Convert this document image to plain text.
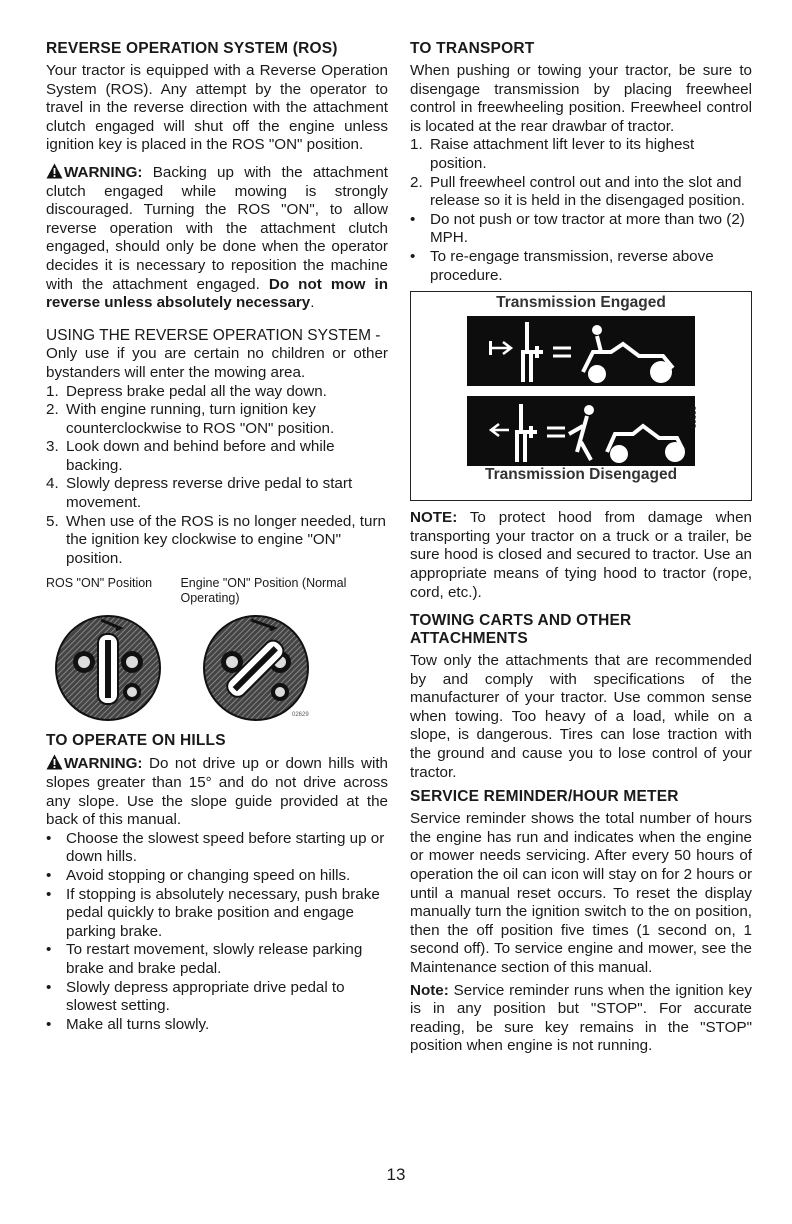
REVERSE OPERATION SYSTEM (ROS)

Your tractor is equipped with a Reverse Operation System (ROS). Any attempt by the operator to travel in the reverse direction with the attachment clutch engaged will shut off the engine unless ignition key is placed in the ROS "ON" position.

WARNING: Backing up with the attachment clutch engaged while mowing is strongly discouraged. Turning the ROS "ON", to allow reverse operation with the attachment clutch engaged, should only be done when the operator decides it is necessary to reposition the machine with the attachment engaged. Do not mow in reverse unless absolutely necessary.

USING THE REVERSE OPERATION SYSTEM -

Only use if you are certain no children or other bystanders will enter the mowing area.

1. Depress brake pedal all the way down.
2. With engine running, turn ignition key counterclockwise to ROS "ON" position.
3. Look down and behind before and while backing.
4. Slowly depress reverse drive pedal to start movement.
5. When use of the ROS is no longer needed, turn the ignition key clockwise to engine "ON" position.
ROS "ON" Position	Engine "ON" Position (Normal Operating)
02629
TO OPERATE ON HILLS

WARNING: Do not drive up or down hills with slopes greater than 15° and do not drive across any slope. Use the slope guide provided at the back of this manual.

• Choose the slowest speed before starting up or down hills.
• Avoid stopping or changing speed on hills.
• If stopping is absolutely necessary, push brake pedal quickly to brake position and engage parking brake.
• To restart movement, slowly release parking brake and brake pedal.
• Slowly depress appropriate drive pedal to slowest setting.
• Make all turns slowly.
TO TRANSPORT

When pushing or towing your tractor, be sure to disengage transmission by placing freewheel control in freewheeling position. Freewheel control is located at the rear drawbar of tractor.

1. Raise attachment lift lever to its highest position.
2. Pull freewheel control out and into the slot and release so it is held in the disengaged position.
• Do not push or tow tractor at more than two (2) MPH.
• To re-engage transmission, reverse above procedure.
Transmission Engaged
02203
Transmission Disengaged

NOTE: To protect hood from damage when transporting your tractor on a truck or a trailer, be sure hood is closed and secured to tractor. Use an appropriate means of tying hood to tractor (rope, cord, etc.).

TOWING CARTS AND OTHER ATTACHMENTS

Tow only the attachments that are recommended by and comply with specifications of the manufacturer of your tractor. Use common sense when towing. Too heavy of a load, while on a slope, is dangerous. Tires can lose traction with the ground and cause you to lose control of your tractor.

SERVICE REMINDER/HOUR METER

Service reminder shows the total number of hours the engine has run and indicates when the engine or mower needs servicing. After every 50 hours of operation the oil can icon will stay on for 2 hours or until a manual reset occurs. To reset the display manually turn the ignition switch to the on position, then the off position five times (1 second on, 1 second off). To service engine and mower, see the Maintenance section of this manual.

Note: Service reminder runs when the ignition key is in any position but "STOP". For accurate reading, be sure key remains in the "STOP" position when engine is not running.

13
